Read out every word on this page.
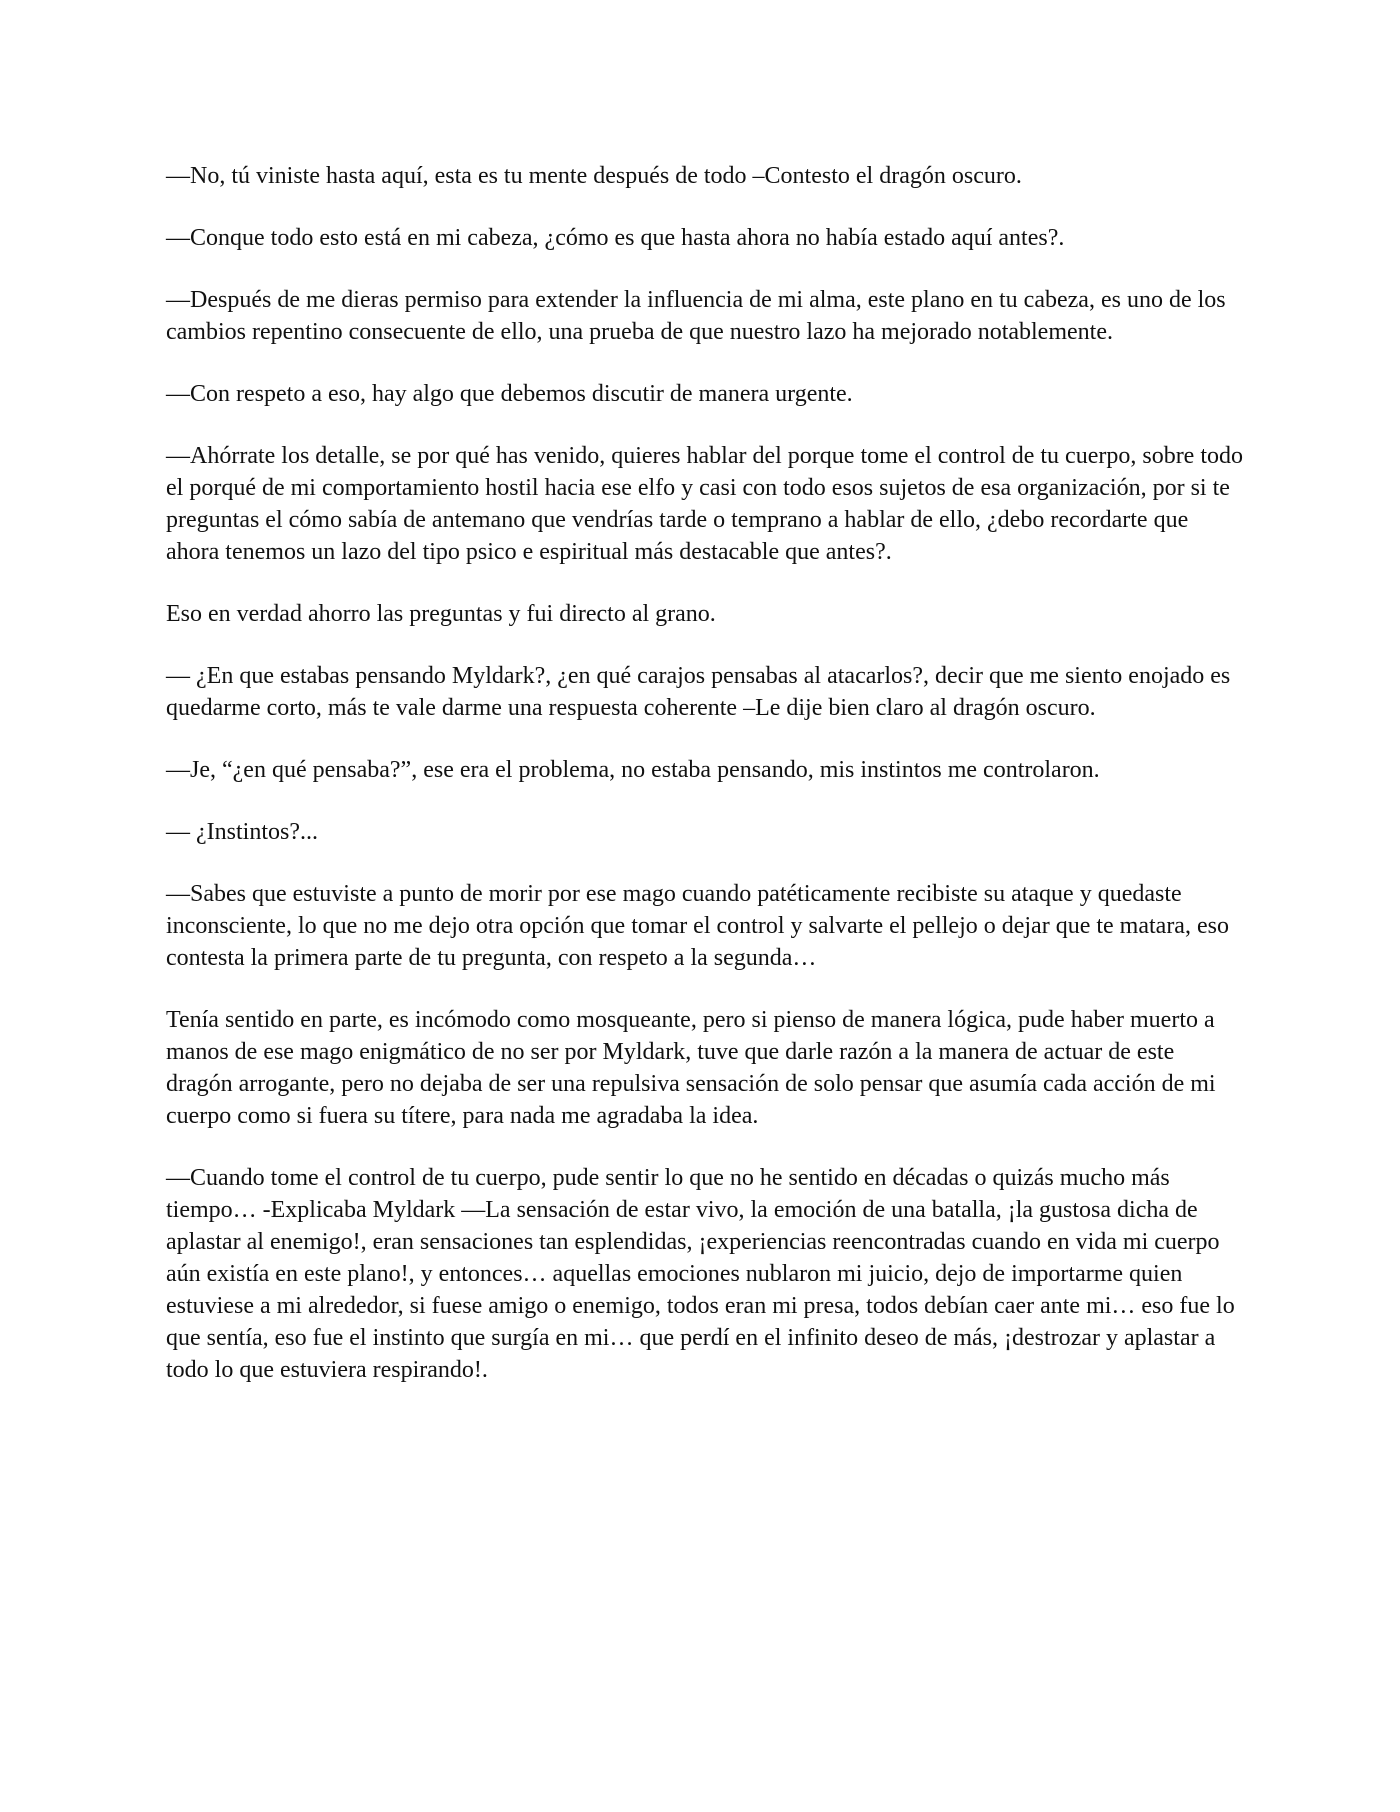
—No, tú viniste hasta aquí, esta es tu mente después de todo –Contesto el dragón oscuro.

—Conque todo esto está en mi cabeza, ¿cómo es que hasta ahora no había estado aquí antes?.

—Después de me dieras permiso para extender la influencia de mi alma, este plano en tu cabeza, es uno de los cambios repentino consecuente de ello, una prueba de que nuestro lazo ha mejorado notablemente.

—Con respeto a eso, hay algo que debemos discutir de manera urgente.

—Ahórrate los detalle, se por qué has venido, quieres hablar del porque tome el control de tu cuerpo, sobre todo el porqué de mi comportamiento hostil hacia ese elfo y casi con todo esos sujetos de esa organización, por si te preguntas el cómo sabía de antemano que vendrías tarde o temprano a hablar de ello, ¿debo recordarte que ahora tenemos un lazo del tipo psico e espiritual más destacable que antes?.

Eso en verdad ahorro las preguntas y fui directo al grano.

— ¿En que estabas pensando Myldark?, ¿en qué carajos pensabas al atacarlos?, decir que me siento enojado es quedarme corto, más te vale darme una respuesta coherente –Le dije bien claro al dragón oscuro.

—Je, “¿en qué pensaba?”, ese era el problema, no estaba pensando, mis instintos me controlaron.

— ¿Instintos?...

—Sabes que estuviste a punto de morir por ese mago cuando patéticamente recibiste su ataque y quedaste inconsciente, lo que no me dejo otra opción que tomar el control y salvarte el pellejo o dejar que te matara, eso contesta la primera parte de tu pregunta, con respeto a la segunda…

Tenía sentido en parte, es incómodo como mosqueante, pero si pienso de manera lógica, pude haber muerto a manos de ese mago enigmático de no ser por Myldark, tuve que darle razón a la manera de actuar de este dragón arrogante, pero no dejaba de ser una repulsiva sensación de solo pensar que asumía cada acción de mi cuerpo como si fuera su títere, para nada me agradaba la idea.

—Cuando tome el control de tu cuerpo, pude sentir lo que no he sentido en décadas o quizás mucho más tiempo… -Explicaba Myldark —La sensación de estar vivo, la emoción de una batalla, ¡la gustosa dicha de aplastar al enemigo!, eran sensaciones tan esplendidas, ¡experiencias reencontradas cuando en vida mi cuerpo aún existía en este plano!, y entonces… aquellas emociones nublaron mi juicio, dejo de importarme quien estuviese a mi alrededor, si fuese amigo o enemigo, todos eran mi presa, todos debían caer ante mi… eso fue lo que sentía, eso fue el instinto que surgía en mi… que perdí en el infinito deseo de más, ¡destrozar y aplastar a todo lo que estuviera respirando!.
